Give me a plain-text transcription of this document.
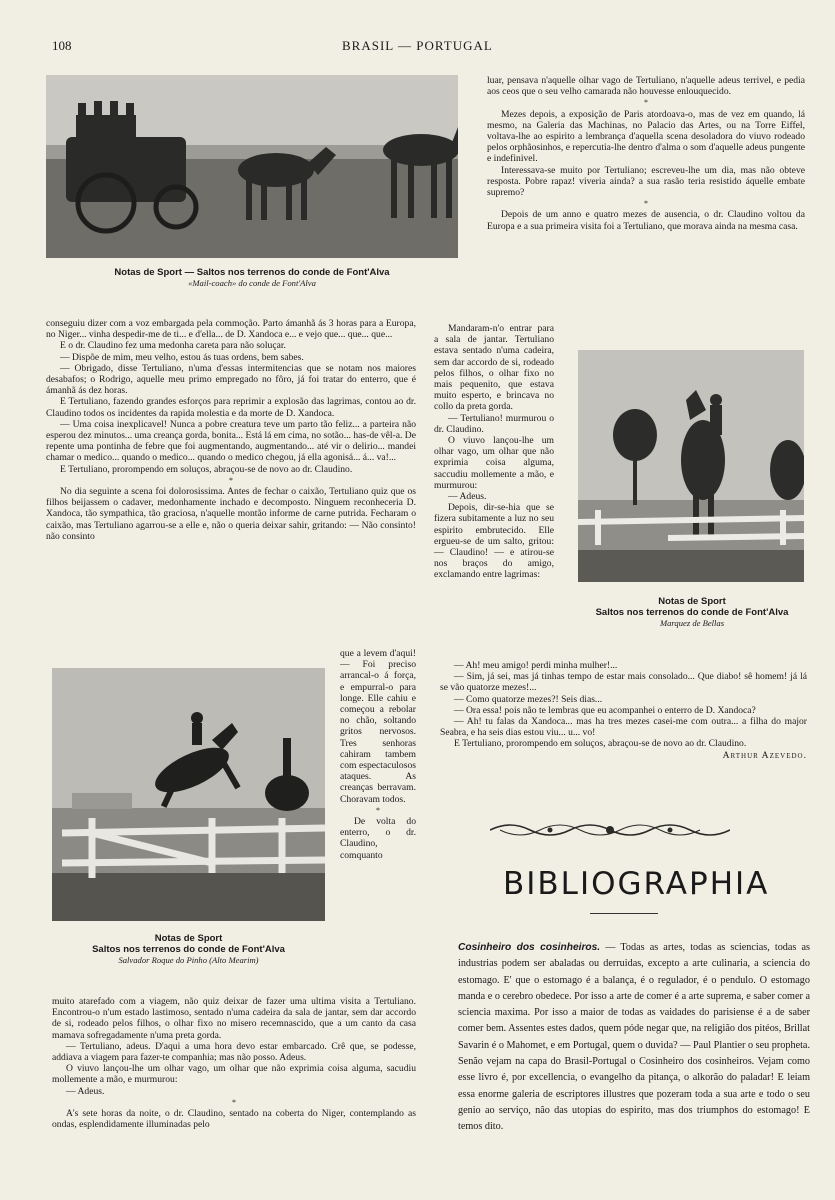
108	BRASIL — PORTUGAL
Notas de Sport — Saltos nos terrenos do conde de Font'Alva
«Mail-coach» do conde de Font'Alva

conseguiu dizer com a voz embargada pela commoção. Parto ámanhã ás 3 horas para a Europa, no Niger... vinha despedir-me de ti... e d'ella... de D. Xandoca e... e vejo que... que... que...

E o dr. Claudino fez uma medonha careta para não soluçar.

— Dispõe de mim, meu velho, estou ás tuas ordens, bem sabes.

— Obrigado, disse Tertuliano, n'uma d'essas intermitencias que se notam nos maiores desabafos; o Rodrigo, aquelle meu primo empregado no fôro, já foi tratar do enterro, que é ámanhã ás dez horas.

E Tertuliano, fazendo grandes esforços para reprimir a explosão das lagrimas, contou ao dr. Claudino todos os incidentes da rapida molestia e da morte de D. Xandoca.

— Uma coisa inexplicavel! Nunca a pobre creatura teve um parto tão feliz... a parteira não esperou dez minutos... uma creança gorda, bonita... Está lá em cima, no sotão... has-de vêl-a. De repente uma pontinha de febre que foi augmentando, augmentando... até vir o delirio... mandei chamar o medico... quando o medico... quando o medico chegou, já ella agonisá... á... va!...

E Tertuliano, prorompendo em soluços, abraçou-se de novo ao dr. Claudino.

*

No dia seguinte a scena foi dolorosissima. Antes de fechar o caixão, Tertuliano quiz que os filhos beijassem o cadaver, medonhamente inchado e decomposto. Ninguem reconheceria D. Xandoca, tão sympathica, tão graciosa, n'aquelle montão informe de carne putrida. Fecharam o caixão, mas Tertuliano agarrou-se a elle e, não o queria deixar sahir, gritando: — Não consinto! não consinto

que a levem d'aqui! — Foi preciso arrancal-o á força, e empurral-o para longe. Elle cahiu e começou a rebolar no chão, soltando gritos nervosos. Tres senhoras cahiram tambem com espectaculosos ataques. As creanças berravam. Choravam todos.

*

De volta do enterro, o dr. Claudino, comquanto

Notas de Sport
Saltos nos terrenos do conde de Font'Alva
Salvador Roque do Pinho (Alto Mearim)

muito atarefado com a viagem, não quiz deixar de fazer uma ultima visita a Tertuliano. Encontrou-o n'um estado lastimoso, sentado n'uma cadeira da sala de jantar, sem dar accordo de si, rodeado pelos filhos, o olhar fixo no misero recemnascido, que a um canto da casa mamava sofregadamente n'uma preta gorda.

— Tertuliano, adeus. D'aqui a uma hora devo estar embarcado. Crê que, se podesse, addiava a viagem para fazer-te companhia; mas não posso. Adeus.

O viuvo lançou-lhe um olhar vago, um olhar que não exprimia coisa alguma, sacudiu mollemente a mão, e murmurou:

— Adeus.

*

A's sete horas da noite, o dr. Claudino, sentado na coberta do Niger, contemplando as ondas, esplendidamente illuminadas pelo

luar, pensava n'aquelle olhar vago de Tertuliano, n'aquelle adeus terrivel, e pedia aos ceos que o seu velho camarada não houvesse enlouquecido.

*

Mezes depois, a exposição de Paris atordoava-o, mas de vez em quando, lá mesmo, na Galeria das Machinas, no Palacio das Artes, ou na Torre Eiffel, voltava-lhe ao espirito a lembrança d'aquella scena desoladora do viuvo rodeado pelos orphãosinhos, e repercutia-lhe dentro d'alma o som d'aquelle adeus pungente e indefinivel.

Interessava-se muito por Tertuliano; escreveu-lhe um dia, mas não obteve resposta. Pobre rapaz! viveria ainda? a sua rasão teria resistido áquelle embate supremo?

*

Depois de um anno e quatro mezes de ausencia, o dr. Claudino voltou da Europa e a sua primeira visita foi a Tertuliano, que morava ainda na mesma casa.

Mandaram-n'o entrar para a sala de jantar. Tertuliano estava sentado n'uma cadeira, sem dar accordo de si, rodeado pelos filhos, o olhar fixo no mais pequenito, que estava muito esperto, e brincava no collo da preta gorda.

— Tertuliano! murmurou o dr. Claudino.

O viuvo lançou-lhe um olhar vago, um olhar que não exprimia coisa alguma, saccudiu mollemente a mão, e murmurou:

— Adeus.

Depois, dir-se-hia que se fizera subitamente a luz no seu espirito embrutecido. Elle ergueu-se de um salto, gritou: — Claudino! — e atirou-se nos braços do amigo, exclamando entre lagrimas:

Notas de Sport
Saltos nos terrenos do conde de Font'Alva
Marquez de Bellas

— Ah! meu amigo! perdi minha mulher!...

— Sim, já sei, mas já tinhas tempo de estar mais consolado... Que diabo! sê homem! já lá se vão quatorze mezes!...

— Como quatorze mezes?! Seis dias...

— Ora essa! pois não te lembras que eu acompanhei o enterro de D. Xandoca?

— Ah! tu falas da Xandoca... mas ha tres mezes casei-me com outra... a filha do major Seabra, e ha seis dias estou viu... u... vo!

E Tertuliano, prorompendo em soluços, abraçou-se de novo ao dr. Claudino.

Arthur Azevedo.

BIBLIOGRAPHIA
Cosinheiro dos cosinheiros. — Todas as artes, todas as sciencias, todas as industrias podem ser abaladas ou derruidas, excepto a arte culinaria, a sciencia do estomago. E' que o estomago é a balança, é o regulador, é o pendulo. O estomago manda e o cerebro obedece. Por isso a arte de comer é a arte suprema, e saber comer a sciencia maxima. Por isso a maior de todas as vaidades do parisiense é a de saber comer bem. Assentes estes dados, quem póde negar que, na religião dos pitéos, Brillat Savarin é o Mahomet, e em Portugal, quem o duvida? — Paul Plantier o seu propheta. Senão vejam na capa do Brasil-Portugal o Cosinheiro dos cosinheiros. Vejam como esse livro é, por excellencia, o evangelho da pitança, o alkorão do paladar! E leiam essa enorme galeria de escriptores illustres que pozeram toda a sua arte e todo o seu genio ao serviço, não das utopias do espirito, mas dos triumphos do estomago! E temos dito.
